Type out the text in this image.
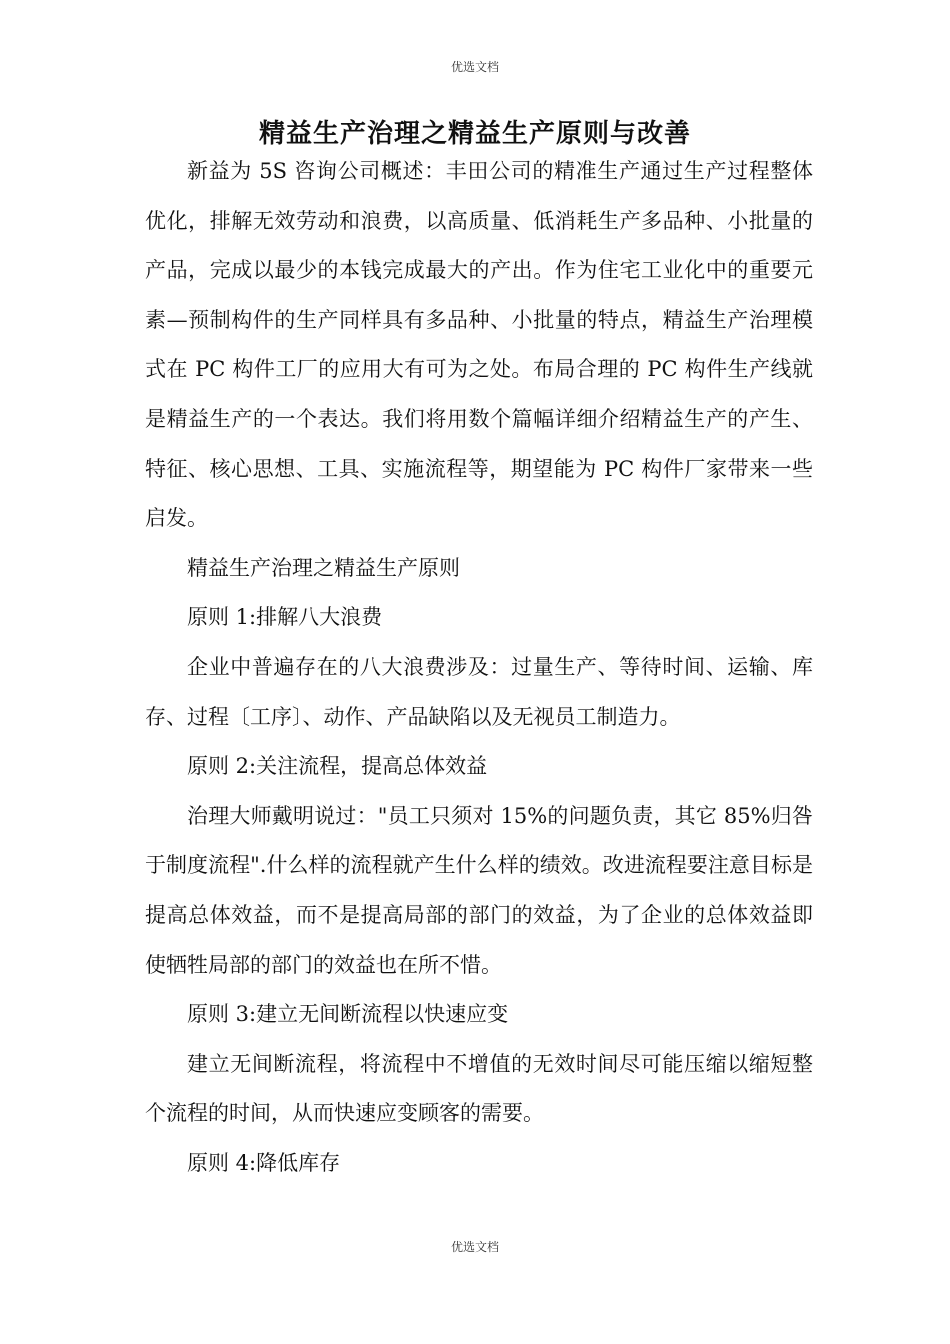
优选文档
精益生产治理之精益生产原则与改善

新益为 5S 咨询公司概述：丰田公司的精准生产通过生产过程整体优化，排解无效劳动和浪费，以高质量、低消耗生产多品种、小批量的产品，完成以最少的本钱完成最大的产出。作为住宅工业化中的重要元素—预制构件的生产同样具有多品种、小批量的特点，精益生产治理模式在 PC 构件工厂的应用大有可为之处。布局合理的 PC 构件生产线就是精益生产的一个表达。我们将用数个篇幅详细介绍精益生产的产生、特征、核心思想、工具、实施流程等，期望能为 PC 构件厂家带来一些启发。

精益生产治理之精益生产原则

原则 1:排解八大浪费

企业中普遍存在的八大浪费涉及：过量生产、等待时间、运输、库存、过程〔工序〕、动作、产品缺陷以及无视员工制造力。

原则 2:关注流程，提高总体效益

治理大师戴明说过："员工只须对 15%的问题负责，其它 85%归咎于制度流程".什么样的流程就产生什么样的绩效。改进流程要注意目标是提高总体效益，而不是提高局部的部门的效益，为了企业的总体效益即使牺牲局部的部门的效益也在所不惜。

原则 3:建立无间断流程以快速应变

建立无间断流程，将流程中不增值的无效时间尽可能压缩以缩短整个流程的时间，从而快速应变顾客的需要。

原则 4:降低库存

优选文档
